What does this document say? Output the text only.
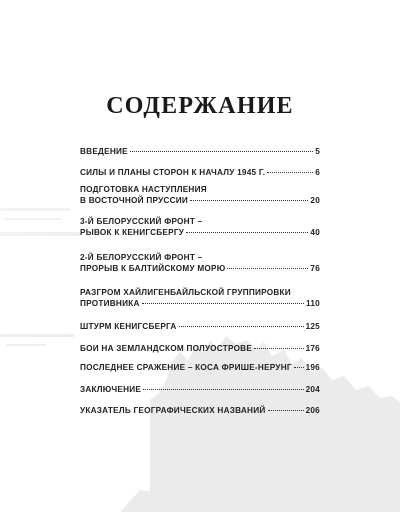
СОДЕРЖАНИЕ
ВВЕДЕНИЕ	5
СИЛЫ И ПЛАНЫ СТОРОН К НАЧАЛУ 1945 Г.	6
ПОДГОТОВКА НАСТУПЛЕНИЯ
В ВОСТОЧНОЙ ПРУССИИ	20
3-Й БЕЛОРУССКИЙ ФРОНТ –
РЫВОК К КЕНИГСБЕРГУ	40
2-Й БЕЛОРУССКИЙ ФРОНТ –
ПРОРЫВ К БАЛТИЙСКОМУ МОРЮ	76
РАЗГРОМ ХАЙЛИГЕНБАЙЛЬСКОЙ ГРУППИРОВКИ
ПРОТИВНИКА	110
ШТУРМ КЕНИГСБЕРГА	125
БОИ НА ЗЕМЛАНДСКОМ ПОЛУОСТРОВЕ	176
ПОСЛЕДНЕЕ СРАЖЕНИЕ – КОСА ФРИШЕ-НЕРУНГ 196
ЗАКЛЮЧЕНИЕ	204
УКАЗАТЕЛЬ ГЕОГРАФИЧЕСКИХ НАЗВАНИЙ	206
